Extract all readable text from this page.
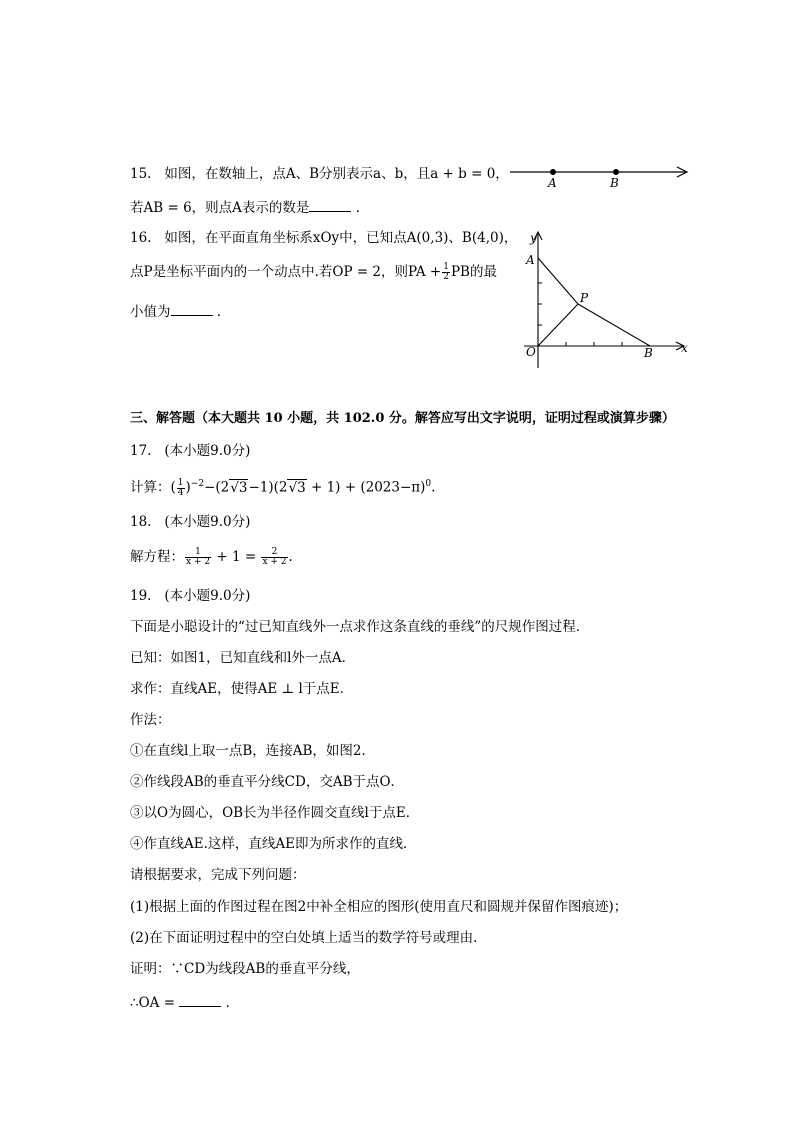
15. 如图，在数轴上，点A、B分别表示a、b，且a + b = 0，
若AB = 6，则点A表示的数是	．
A	B
16. 如图，在平面直角坐标系xOy中，已知点A(0,3)、B(4,0)，
点P是坐标平面内的一个动点中.若OP = 2，则PA + $\frac{1}{2}$ PB的最
小值为	．
y
A
P
O	B x
三、解答题（本大题共 10 小题，共 102.0 分。解答应写出文字说明，证明过程或演算步骤）
17. (本小题9.0分)
计算：( $\frac{1}{4} )^{-2}-(2√3-1)(2√3 + 1) + (2023-\pi)^0$.
18. (本小题9.0分)
解方程： $\frac{1}{x + 2} + 1 = \frac{2}{x + 2}$ .
19. (本小题9.0分)
下面是小聪设计的“过已知直线外一点求作这条直线的垂线”的尺规作图过程．
已知：如图1，已知直线和l外一点A．
求作：直线AE，使得AE ⊥ l于点E．
作法：
①在直线l上取一点B，连接AB，如图2．
②作线段AB的垂直平分线CD，交AB于点O．
③以O为圆心，OB长为半径作圆交直线l于点E．
④作直线AE.这样，直线AE即为所求作的直线．
请根据要求，完成下列问题：
(1)根据上面的作图过程在图2中补全相应的图形(使用直尺和圆规并保留作图痕迹)；
(2)在下面证明过程中的空白处填上适当的数学符号或理由．
证明：∵CD为线段AB的垂直平分线，
∴OA =	．
